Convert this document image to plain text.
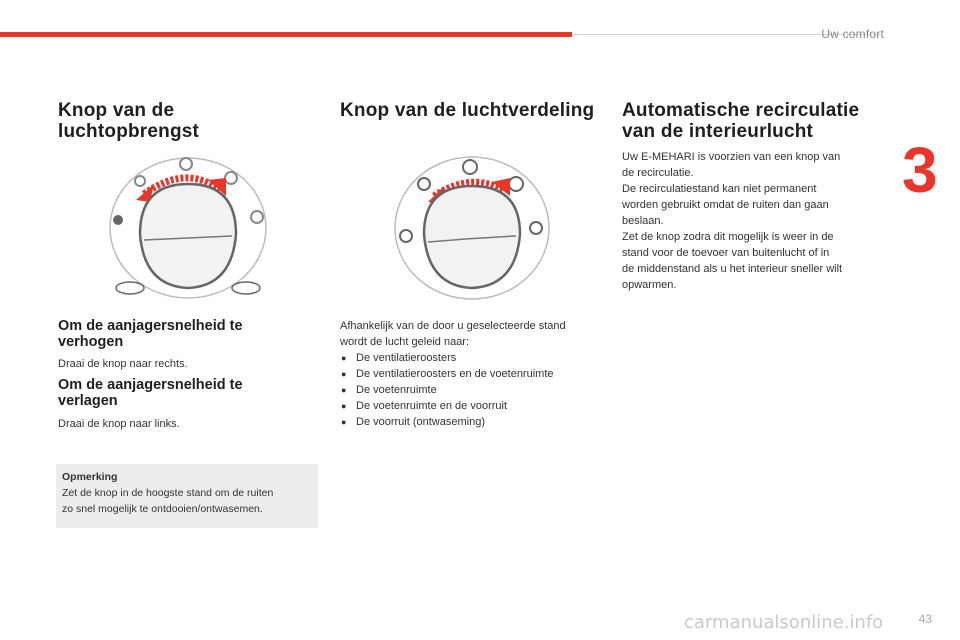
Uw comfort
3
Knop van de
luchtopbrengst
Om de aanjagersnelheid te
verhogen

Draai de knop naar rechts.

Om de aanjagersnelheid te
verlagen

Draai de knop naar links.

Opmerking
Zet de knop in de hoogste stand om de ruiten
zo snel mogelijk te ontdooien/ontwasemen.
Knop van de luchtverdeling

Afhankelijk van de door u geselecteerde stand

wordt de lucht geleid naar:

● De ventilatieroosters
● De ventilatieroosters en de voetenruimte
● De voetenruimte
● De voetenruimte en de voorruit
● De voorruit (ontwaseming)
Automatische recirculatie
van de interieurlucht

Uw E-MEHARI is voorzien van een knop van

de recirculatie.

De recirculatiestand kan niet permanent

worden gebruikt omdat de ruiten dan gaan

beslaan.

Zet de knop zodra dit mogelijk is weer in de

stand voor de toevoer van buitenlucht of in

de middenstand als u het interieur sneller wilt

opwarmen.

carmanualsonline.info	43
